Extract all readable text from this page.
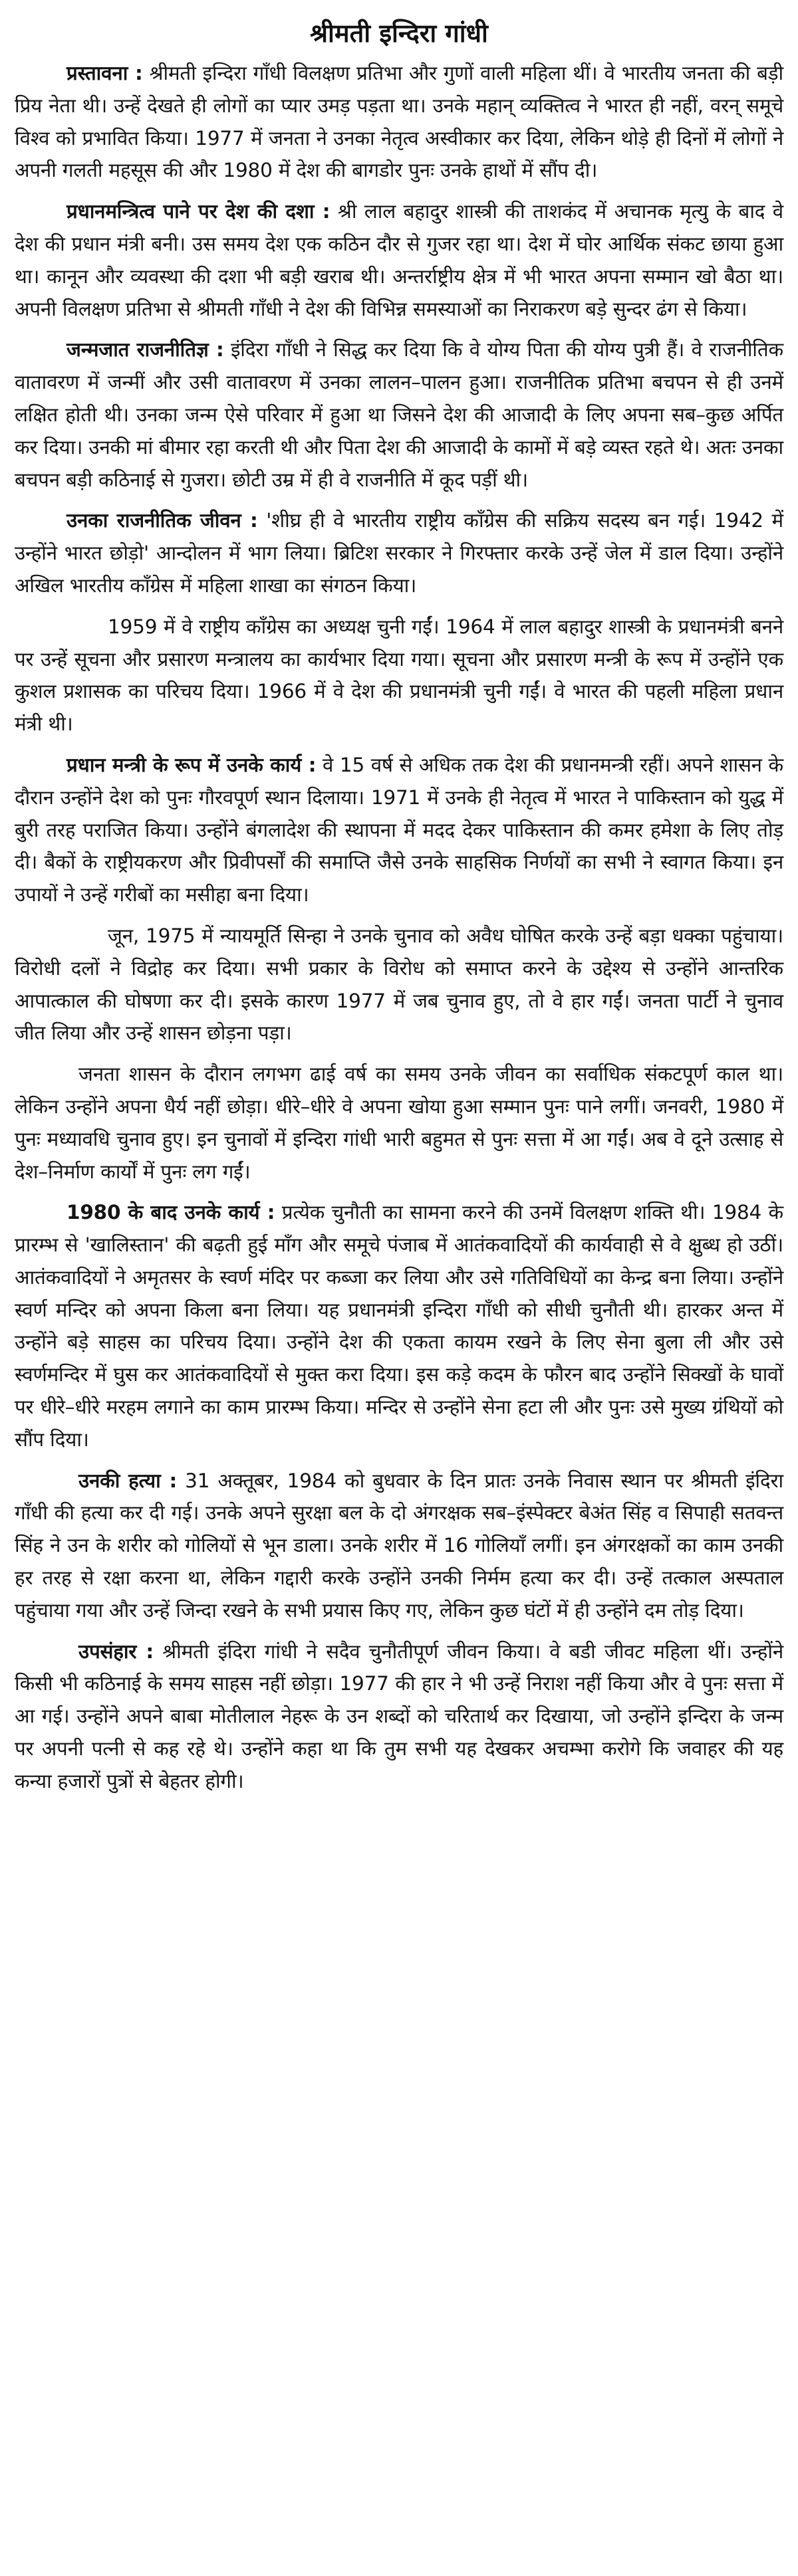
श्रीमती इन्दिरा गांधी

प्रस्तावना : श्रीमती इन्दिरा गाँधी विलक्षण प्रतिभा और गुणों वाली महिला थीं। वे भारतीय जनता की बड़ी प्रिय नेता थी। उन्हें देखते ही लोगों का प्यार उमड़ पड़ता था। उनके महान् व्यक्तित्व ने भारत ही नहीं, वरन् समूचे विश्व को प्रभावित किया। 1977 में जनता ने उनका नेतृत्व अस्वीकार कर दिया, लेकिन थोड़े ही दिनों में लोगों ने अपनी गलती महसूस की और 1980 में देश की बागडोर पुनः उनके हाथों में सौंप दी।

प्रधानमन्त्रित्व पाने पर देश की दशा : श्री लाल बहादुर शास्त्री की ताशकंद में अचानक मृत्यु के बाद वे देश की प्रधान मंत्री बनी। उस समय देश एक कठिन दौर से गुजर रहा था। देश में घोर आर्थिक संकट छाया हुआ था। कानून और व्यवस्था की दशा भी बड़ी खराब थी। अन्तर्राष्ट्रीय क्षेत्र में भी भारत अपना सम्मान खो बैठा था। अपनी विलक्षण प्रतिभा से श्रीमती गाँधी ने देश की विभिन्न समस्याओं का निराकरण बड़े सुन्दर ढंग से किया।

जन्मजात राजनीतिज्ञ : इंदिरा गाँधी ने सिद्ध कर दिया कि वे योग्य पिता की योग्य पुत्री हैं। वे राजनीतिक वातावरण में जन्मीं और उसी वातावरण में उनका लालन–पालन हुआ। राजनीतिक प्रतिभा बचपन से ही उनमें लक्षित होती थी। उनका जन्म ऐसे परिवार में हुआ था जिसने देश की आजादी के लिए अपना सब–कुछ अर्पित कर दिया। उनकी मां बीमार रहा करती थी और पिता देश की आजादी के कामों में बड़े व्यस्त रहते थे। अतः उनका बचपन बड़ी कठिनाई से गुजरा। छोटी उम्र में ही वे राजनीति में कूद पड़ीं थी।

उनका राजनीतिक जीवन : 'शीघ्र ही वे भारतीय राष्ट्रीय काँग्रेस की सक्रिय सदस्य बन गई। 1942 में उन्होंने भारत छोड़ो' आन्दोलन में भाग लिया। ब्रिटिश सरकार ने गिरफ्तार करके उन्हें जेल में डाल दिया। उन्होंने अखिल भारतीय काँग्रेस में महिला शाखा का संगठन किया।

1959 में वे राष्ट्रीय काँग्रेस का अध्यक्ष चुनी गईं। 1964 में लाल बहादुर शास्त्री के प्रधानमंत्री बनने पर उन्हें सूचना और प्रसारण मन्त्रालय का कार्यभार दिया गया। सूचना और प्रसारण मन्त्री के रूप में उन्होंने एक कुशल प्रशासक का परिचय दिया। 1966 में वे देश की प्रधानमंत्री चुनी गईं। वे भारत की पहली महिला प्रधान मंत्री थी।

प्रधान मन्त्री के रूप में उनके कार्य : वे 15 वर्ष से अधिक तक देश की प्रधानमन्त्री रहीं। अपने शासन के दौरान उन्होंने देश को पुनः गौरवपूर्ण स्थान दिलाया। 1971 में उनके ही नेतृत्व में भारत ने पाकिस्तान को युद्ध में बुरी तरह पराजित किया। उन्होंने बंगलादेश की स्थापना में मदद देकर पाकिस्तान की कमर हमेशा के लिए तोड़ दी। बैकों के राष्ट्रीयकरण और प्रिवीपर्सों की समाप्ति जैसे उनके साहसिक निर्णयों का सभी ने स्वागत किया। इन उपायों ने उन्हें गरीबों का मसीहा बना दिया।

जून, 1975 में न्यायमूर्ति सिन्हा ने उनके चुनाव को अवैध घोषित करके उन्हें बड़ा धक्का पहुंचाया। विरोधी दलों ने विद्रोह कर दिया। सभी प्रकार के विरोध को समाप्त करने के उद्देश्य से उन्होंने आन्तरिक आपात्काल की घोषणा कर दी। इसके कारण 1977 में जब चुनाव हुए, तो वे हार गईं। जनता पार्टी ने चुनाव जीत लिया और उन्हें शासन छोड़ना पड़ा।

जनता शासन के दौरान लगभग ढाई वर्ष का समय उनके जीवन का सर्वाधिक संकटपूर्ण काल था। लेकिन उन्होंने अपना धैर्य नहीं छोड़ा। धीरे–धीरे वे अपना खोया हुआ सम्मान पुनः पाने लगीं। जनवरी, 1980 में पुनः मध्यावधि चुनाव हुए। इन चुनावों में इन्दिरा गांधी भारी बहुमत से पुनः सत्ता में आ गईं। अब वे दूने उत्साह से देश–निर्माण कार्यों में पुनः लग गईं।

1980 के बाद उनके कार्य : प्रत्येक चुनौती का सामना करने की उनमें विलक्षण शक्ति थी। 1984 के प्रारम्भ से 'खालिस्तान' की बढ़ती हुई माँग और समूचे पंजाब में आतंकवादियों की कार्यवाही से वे क्षुब्ध हो उठीं। आतंकवादियों ने अमृतसर के स्वर्ण मंदिर पर कब्जा कर लिया और उसे गतिविधियों का केन्द्र बना लिया। उन्होंने स्वर्ण मन्दिर को अपना किला बना लिया। यह प्रधानमंत्री इन्दिरा गाँधी को सीधी चुनौती थी। हारकर अन्त में उन्होंने बड़े साहस का परिचय दिया। उन्होंने देश की एकता कायम रखने के लिए सेना बुला ली और उसे स्वर्णमन्दिर में घुस कर आतंकवादियों से मुक्त करा दिया। इस कड़े कदम के फौरन बाद उन्होंने सिक्खों के घावों पर धीरे–धीरे मरहम लगाने का काम प्रारम्भ किया। मन्दिर से उन्होंने सेना हटा ली और पुनः उसे मुख्य ग्रंथियों को सौंप दिया।

उनकी हत्या : 31 अक्तूबर, 1984 को बुधवार के दिन प्रातः उनके निवास स्थान पर श्रीमती इंदिरा गाँधी की हत्या कर दी गई। उनके अपने सुरक्षा बल के दो अंगरक्षक सब–इंस्पेक्टर बेअंत सिंह व सिपाही सतवन्त सिंह ने उन के शरीर को गोलियों से भून डाला। उनके शरीर में 16 गोलियाँ लगीं। इन अंगरक्षकों का काम उनकी हर तरह से रक्षा करना था, लेकिन गद्दारी करके उन्होंने उनकी निर्मम हत्या कर दी। उन्हें तत्काल अस्पताल पहुंचाया गया और उन्हें जिन्दा रखने के सभी प्रयास किए गए, लेकिन कुछ घंटों में ही उन्होंने दम तोड़ दिया।

उपसंहार : श्रीमती इंदिरा गांधी ने सदैव चुनौतीपूर्ण जीवन किया। वे बडी जीवट महिला थीं। उन्होंने किसी भी कठिनाई के समय साहस नहीं छोड़ा। 1977 की हार ने भी उन्हें निराश नहीं किया और वे पुनः सत्ता में आ गई। उन्होंने अपने बाबा मोतीलाल नेहरू के उन शब्दों को चरितार्थ कर दिखाया, जो उन्होंने इन्दिरा के जन्म पर अपनी पत्नी से कह रहे थे। उन्होंने कहा था कि तुम सभी यह देखकर अचम्भा करोगे कि जवाहर की यह कन्या हजारों पुत्रों से बेहतर होगी।
